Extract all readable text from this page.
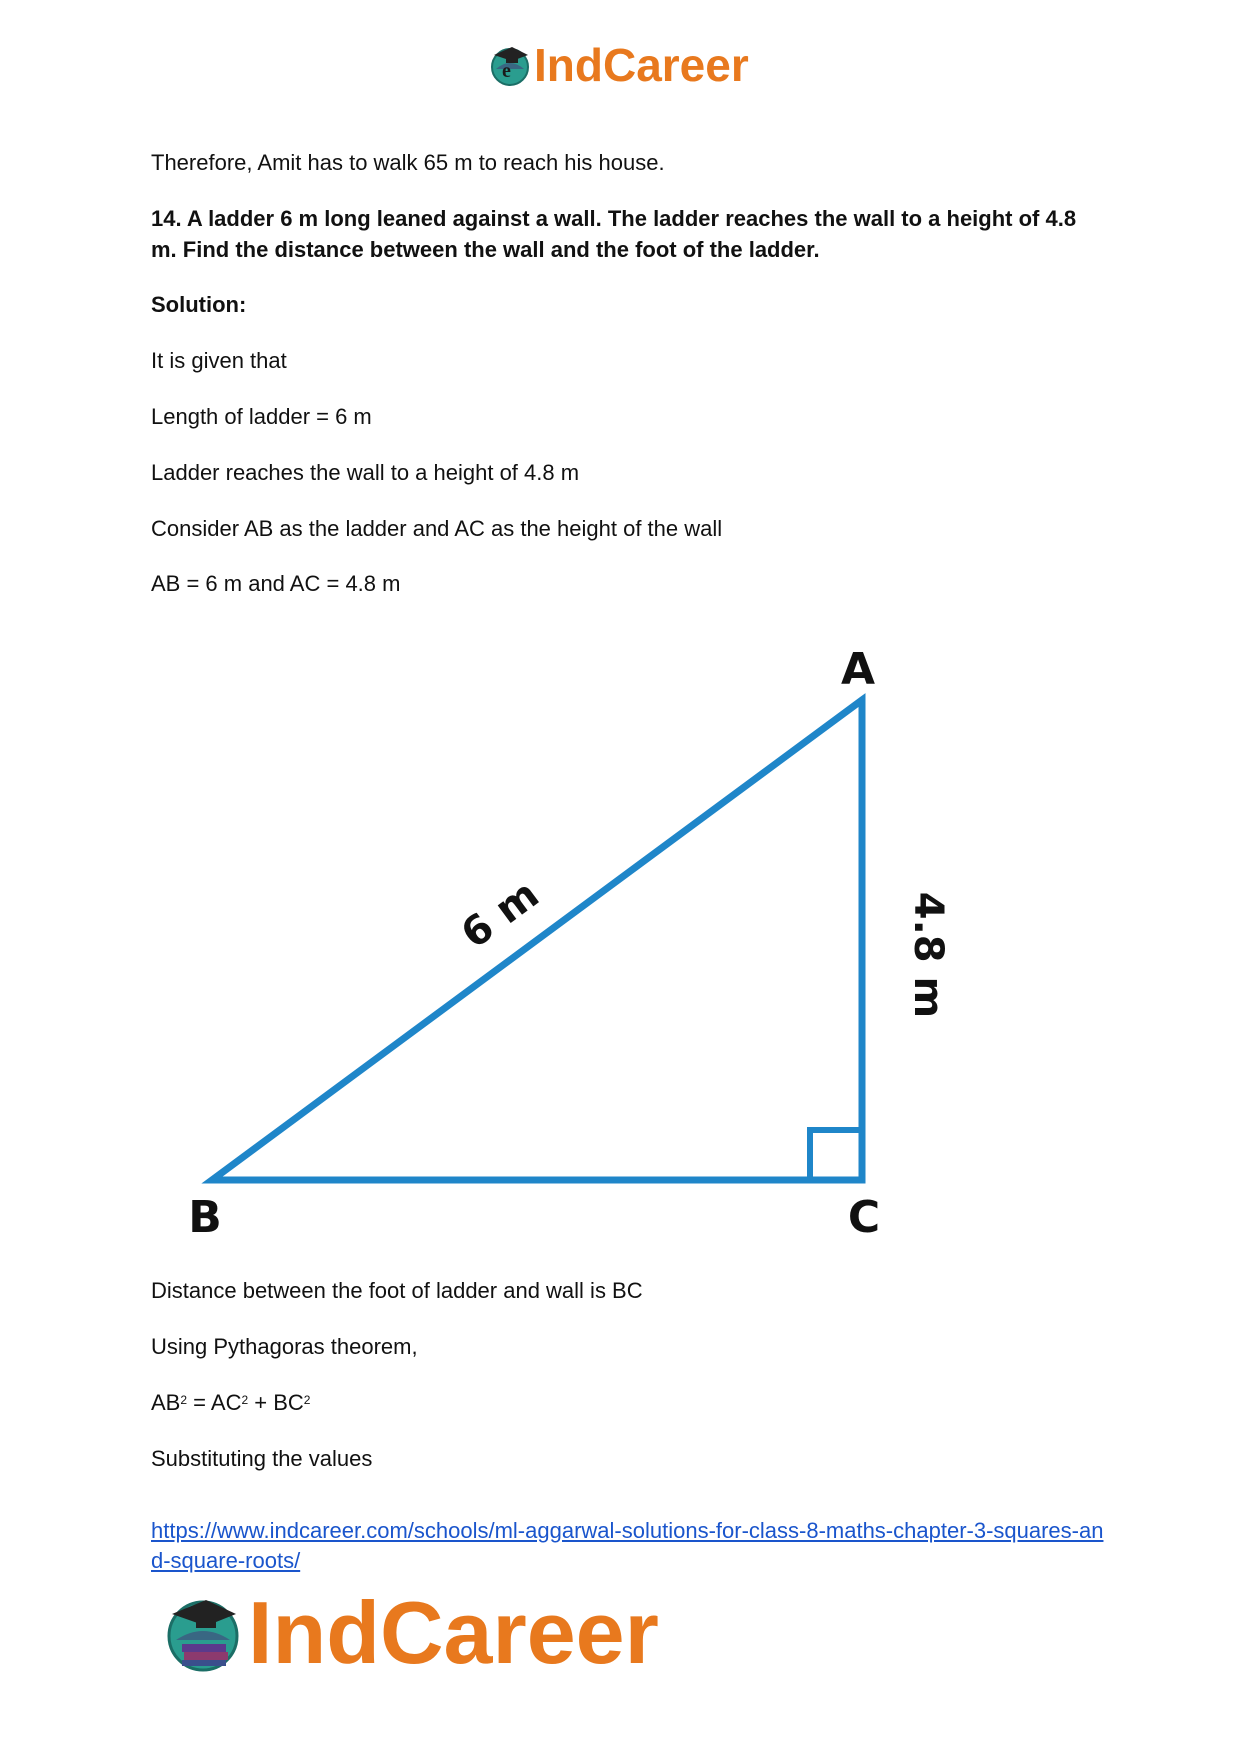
e IndCareer

Therefore, Amit has to walk 65 m to reach his house.

14. A ladder 6 m long leaned against a wall. The ladder reaches the wall to a height of 4.8 m. Find the distance between the wall and the foot of the ladder.

Solution:

It is given that

Length of ladder = 6 m

Ladder reaches the wall to a height of 4.8 m

Consider AB as the ladder and AC as the height of the wall

AB = 6 m and AC = 4.8 m

A
B	C
6 m	4.8 m

Distance between the foot of ladder and wall is BC

Using Pythagoras theorem,

$AB^2 = AC^2 + BC^2$

Substituting the values

https://www.indcareer.com/schools/ml-aggarwal-solutions-for-class-8-maths-chapter-3-squares-and-square-roots/
IndCareer
